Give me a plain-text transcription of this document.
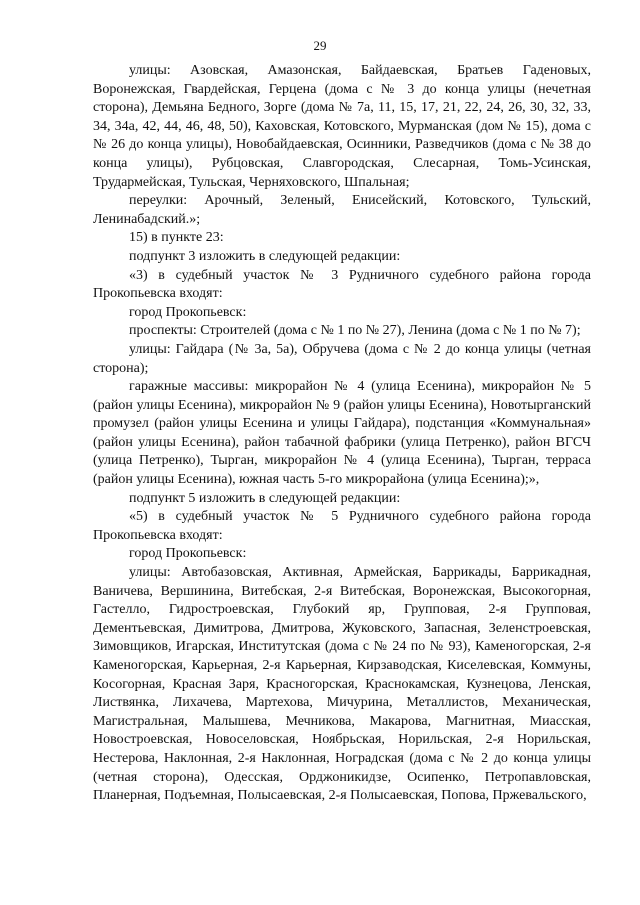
29

улицы: Азовская, Амазонская, Байдаевская, Братьев Гаденовых, Воронежская, Гвардейская, Герцена (дома с № 3 до конца улицы (нечетная сторона), Демьяна Бедного, Зорге (дома № 7а, 11, 15, 17, 21, 22, 24, 26, 30, 32, 33, 34, 34а, 42, 44, 46, 48, 50), Каховская, Котовского, Мурманская (дом № 15), дома с № 26 до конца улицы), Новобайдаевская, Осинники, Разведчиков (дома с № 38 до конца улицы), Рубцовская, Славгородская, Слесарная, Томь-Усинская, Трудармейская, Тульская, Черняховского, Шпальная;

переулки: Арочный, Зеленый, Енисейский, Котовского, Тульский, Ленинабадский.»;

15) в пункте 23:

подпункт 3 изложить в следующей редакции:

«3) в судебный участок № 3 Рудничного судебного района города Прокопьевска входят:

город Прокопьевск:

проспекты: Строителей (дома с № 1 по № 27), Ленина (дома с № 1 по № 7);

улицы: Гайдара (№ 3а, 5а), Обручева (дома с № 2 до конца улицы (четная сторона);

гаражные массивы: микрорайон № 4 (улица Есенина), микрорайон № 5 (район улицы Есенина), микрорайон № 9 (район улицы Есенина), Новотырганский промузел (район улицы Есенина и улицы Гайдара), подстанция «Коммунальная» (район улицы Есенина), район табачной фабрики (улица Петренко), район ВГСЧ (улица Петренко), Тырган, микрорайон № 4 (улица Есенина), Тырган, терраса (район улицы Есенина), южная часть 5-го микрорайона (улица Есенина);»,

подпункт 5 изложить в следующей редакции:

«5) в судебный участок № 5 Рудничного судебного района города Прокопьевска входят:

город Прокопьевск:

улицы: Автобазовская, Активная, Армейская, Баррикады, Баррикадная, Ваничева, Вершинина, Витебская, 2-я Витебская, Воронежская, Высокогорная, Гастелло, Гидростроевская, Глубокий яр, Групповая, 2-я Групповая, Дементьевская, Димитрова, Дмитрова, Жуковского, Запасная, Зеленстроевская, Зимовщиков, Игарская, Институтская (дома с № 24 по № 93), Каменогорская, 2-я Каменогорская, Карьерная, 2-я Карьерная, Кирзаводская, Киселевская, Коммуны, Косогорная, Красная Заря, Красногорская, Краснокамская, Кузнецова, Ленская, Листвянка, Лихачева, Мартехова, Мичурина, Металлистов, Механическая, Магистральная, Малышева, Мечникова, Макарова, Магнитная, Миасская, Новостроевская, Новоселовская, Ноябрьская, Норильская, 2-я Норильская, Нестерова, Наклонная, 2-я Наклонная, Ноградская (дома с № 2 до конца улицы (четная сторона), Одесская, Орджоникидзе, Осипенко, Петропавловская, Планерная, Подъемная, Полысаевская, 2-я Полысаевская, Попова, Пржевальского,
